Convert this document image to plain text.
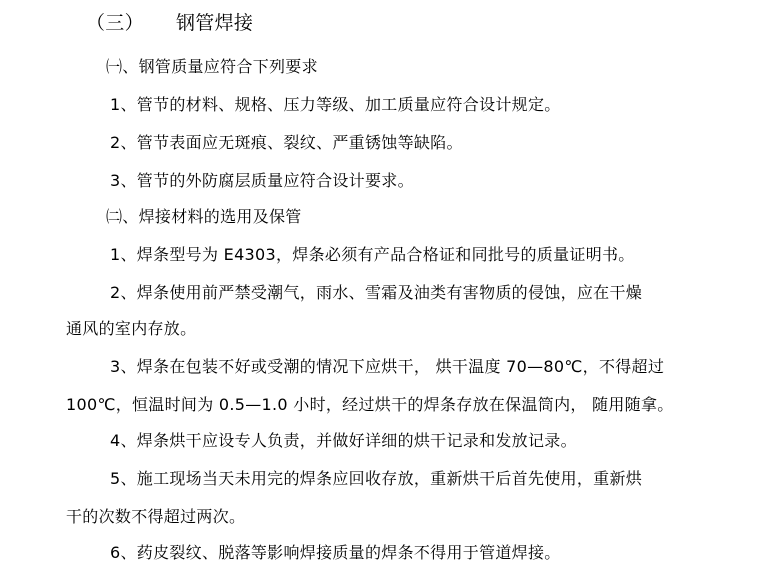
（三） 钢管焊接
㈠、钢管质量应符合下列要求
1、管节的材料、规格、压力等级、加工质量应符合设计规定。
2、管节表面应无斑痕、裂纹、严重锈蚀等缺陷。
3、管节的外防腐层质量应符合设计要求。
㈡、焊接材料的选用及保管
1、焊条型号为 E4303，焊条必须有产品合格证和同批号的质量证明书。
2、焊条使用前严禁受潮气，雨水、雪霜及油类有害物质的侵蚀，应在干燥
通风的室内存放。
3、焊条在包装不好或受潮的情况下应烘干， 烘干温度 70—80℃，不得超过
100℃，恒温时间为 0.5—1.0 小时，经过烘干的焊条存放在保温筒内， 随用随拿。
4、焊条烘干应设专人负责，并做好详细的烘干记录和发放记录。
5、施工现场当天未用完的焊条应回收存放，重新烘干后首先使用，重新烘
干的次数不得超过两次。
6、药皮裂纹、脱落等影响焊接质量的焊条不得用于管道焊接。
